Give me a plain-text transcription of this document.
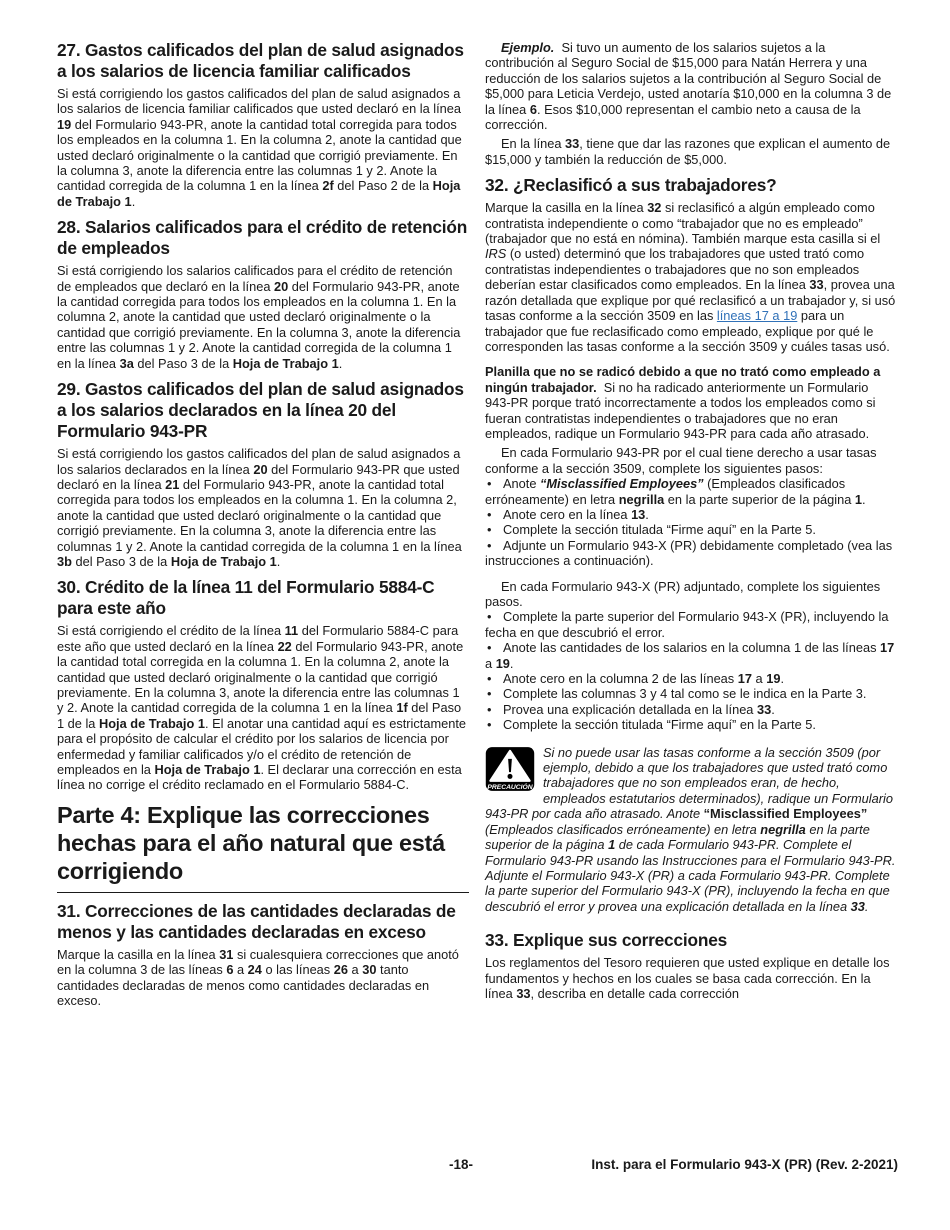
27. Gastos calificados del plan de salud asignados a los salarios de licencia familiar calificados

Si está corrigiendo los gastos calificados del plan de salud asignados a los salarios de licencia familiar calificados que usted declaró en la línea 19 del Formulario 943-PR, anote la cantidad total corregida para todos los empleados en la columna 1. En la columna 2, anote la cantidad que usted declaró originalmente o la cantidad que corrigió previamente. En la columna 3, anote la diferencia entre las columnas 1 y 2. Anote la cantidad corregida de la columna 1 en la línea 2f del Paso 2 de la Hoja de Trabajo 1.

28. Salarios calificados para el crédito de retención de empleados

Si está corrigiendo los salarios calificados para el crédito de retención de empleados que declaró en la línea 20 del Formulario 943-PR, anote la cantidad corregida para todos los empleados en la columna 1. En la columna 2, anote la cantidad que usted declaró originalmente o la cantidad que corrigió previamente. En la columna 3, anote la diferencia entre las columnas 1 y 2. Anote la cantidad corregida de la columna 1 en la línea 3a del Paso 3 de la Hoja de Trabajo 1.

29. Gastos calificados del plan de salud asignados a los salarios declarados en la línea 20 del Formulario 943-PR

Si está corrigiendo los gastos calificados del plan de salud asignados a los salarios declarados en la línea 20 del Formulario 943-PR que usted declaró en la línea 21 del Formulario 943-PR, anote la cantidad total corregida para todos los empleados en la columna 1. En la columna 2, anote la cantidad que usted declaró originalmente o la cantidad que corrigió previamente. En la columna 3, anote la diferencia entre las columnas 1 y 2. Anote la cantidad corregida de la columna 1 en la línea 3b del Paso 3 de la Hoja de Trabajo 1.

30. Crédito de la línea 11 del Formulario 5884-C para este año

Si está corrigiendo el crédito de la línea 11 del Formulario 5884-C para este año que usted declaró en la línea 22 del Formulario 943-PR, anote la cantidad total corregida en la columna 1. En la columna 2, anote la cantidad que usted declaró originalmente o la cantidad que corrigió previamente. En la columna 3, anote la diferencia entre las columnas 1 y 2. Anote la cantidad corregida de la columna 1 en la línea 1f del Paso 1 de la Hoja de Trabajo 1. El anotar una cantidad aquí es estrictamente para el propósito de calcular el crédito por los salarios de licencia por enfermedad y familiar calificados y/o el crédito de retención de empleados en la Hoja de Trabajo 1. El declarar una corrección en esta línea no corrige el crédito reclamado en el Formulario 5884-C.

Parte 4: Explique las correcciones hechas para el año natural que está corrigiendo
31. Correcciones de las cantidades declaradas de menos y las cantidades declaradas en exceso

Marque la casilla en la línea 31 si cualesquiera correcciones que anotó en la columna 3 de las líneas 6 a 24 o las líneas 26 a 30 tanto cantidades declaradas de menos como cantidades declaradas en exceso.

Ejemplo.  Si tuvo un aumento de los salarios sujetos a la contribución al Seguro Social de $15,000 para Natán Herrera y una reducción de los salarios sujetos a la contribución al Seguro Social de $5,000 para Leticia Verdejo, usted anotaría $10,000 en la columna 3 de la línea 6. Esos $10,000 representan el cambio neto a causa de la corrección.

En la línea 33, tiene que dar las razones que explican el aumento de $15,000 y también la reducción de $5,000.

32. ¿Reclasificó a sus trabajadores?

Marque la casilla en la línea 32 si reclasificó a algún empleado como contratista independiente o como “trabajador que no es empleado” (trabajador que no está en nómina). También marque esta casilla si el IRS (o usted) determinó que los trabajadores que usted trató como contratistas independientes o trabajadores que no son empleados deberían estar clasificados como empleados. En la línea 33, provea una razón detallada que explique por qué reclasificó a un trabajador y, si usó tasas conforme a la sección 3509 en las líneas 17 a 19 para un trabajador que fue reclasificado como empleado, explique por qué le corresponden las tasas conforme a la sección 3509 y cuáles tasas usó.

Planilla que no se radicó debido a que no trató como empleado a ningún trabajador.  Si no ha radicado anteriormente un Formulario 943-PR porque trató incorrectamente a todos los empleados como si fueran contratistas independientes o trabajadores que no eran empleados, radique un Formulario 943-PR para cada año atrasado.

En cada Formulario 943-PR por el cual tiene derecho a usar tasas conforme a la sección 3509, complete los siguientes pasos:

• Anote “Misclassified Employees” (Empleados clasificados erróneamente) en letra negrilla en la parte superior de la página 1.

• Anote cero en la línea 13.

• Complete la sección titulada “Firme aquí” en la Parte 5.

• Adjunte un Formulario 943-X (PR) debidamente completado (vea las instrucciones a continuación).

En cada Formulario 943-X (PR) adjuntado, complete los siguientes pasos.

• Complete la parte superior del Formulario 943-X (PR), incluyendo la fecha en que descubrió el error.

• Anote las cantidades de los salarios en la columna 1 de las líneas 17 a 19.

• Anote cero en la columna 2 de las líneas 17 a 19.

• Complete las columnas 3 y 4 tal como se le indica en la Parte 3.

• Provea una explicación detallada en la línea 33.

• Complete la sección titulada “Firme aquí” en la Parte 5.

PRECAUCIÓN
Si no puede usar las tasas conforme a la sección 3509 (por ejemplo, debido a que los trabajadores que usted trató como trabajadores que no son empleados eran, de hecho, empleados estatutarios determinados), radique un Formulario 943-PR por cada año atrasado. Anote “Misclassified Employees” (Empleados clasificados erróneamente) en letra negrilla en la parte superior de la página 1 de cada Formulario 943-PR. Complete el Formulario 943-PR usando las Instrucciones para el Formulario 943-PR. Adjunte el Formulario 943-X (PR) a cada Formulario 943-PR. Complete la parte superior del Formulario 943-X (PR), incluyendo la fecha en que descubrió el error y provea una explicación detallada en la línea 33.
33. Explique sus correcciones

Los reglamentos del Tesoro requieren que usted explique en detalle los fundamentos y hechos en los cuales se basa cada corrección. En la línea 33, describa en detalle cada corrección

-18-	Inst. para el Formulario 943-X (PR) (Rev. 2-2021)
